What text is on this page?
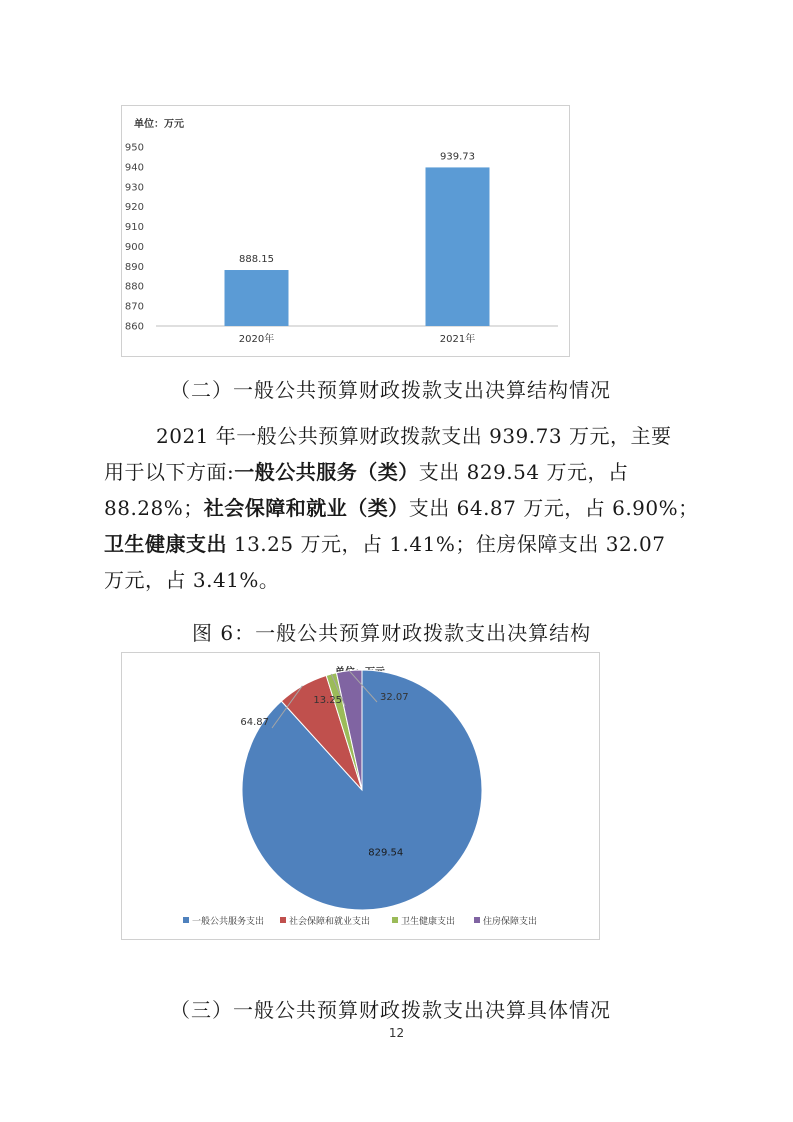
单位：万元
860
870
880
890
900
910
920
930
940
950
888.15
2020年
939.73
2021年
（二）一般公共预算财政拨款支出决算结构情况
2021 年一般公共预算财政拨款支出 939.73 万元，主要
用于以下方面:一般公共服务（类）支出 829.54 万元，占
88.28%；社会保障和就业（类）支出 64.87 万元，占 6.90%；
卫生健康支出 13.25 万元，占 1.41%；住房保障支出 32.07
万元，占 3.41%。
图 6：一般公共预算财政拨款支出决算结构
829.54
64.87
13.25	32.07
一般公共服务支出	社会保障和就业支出	卫生健康支出	住房保障支出
（三）一般公共预算财政拨款支出决算具体情况
12
